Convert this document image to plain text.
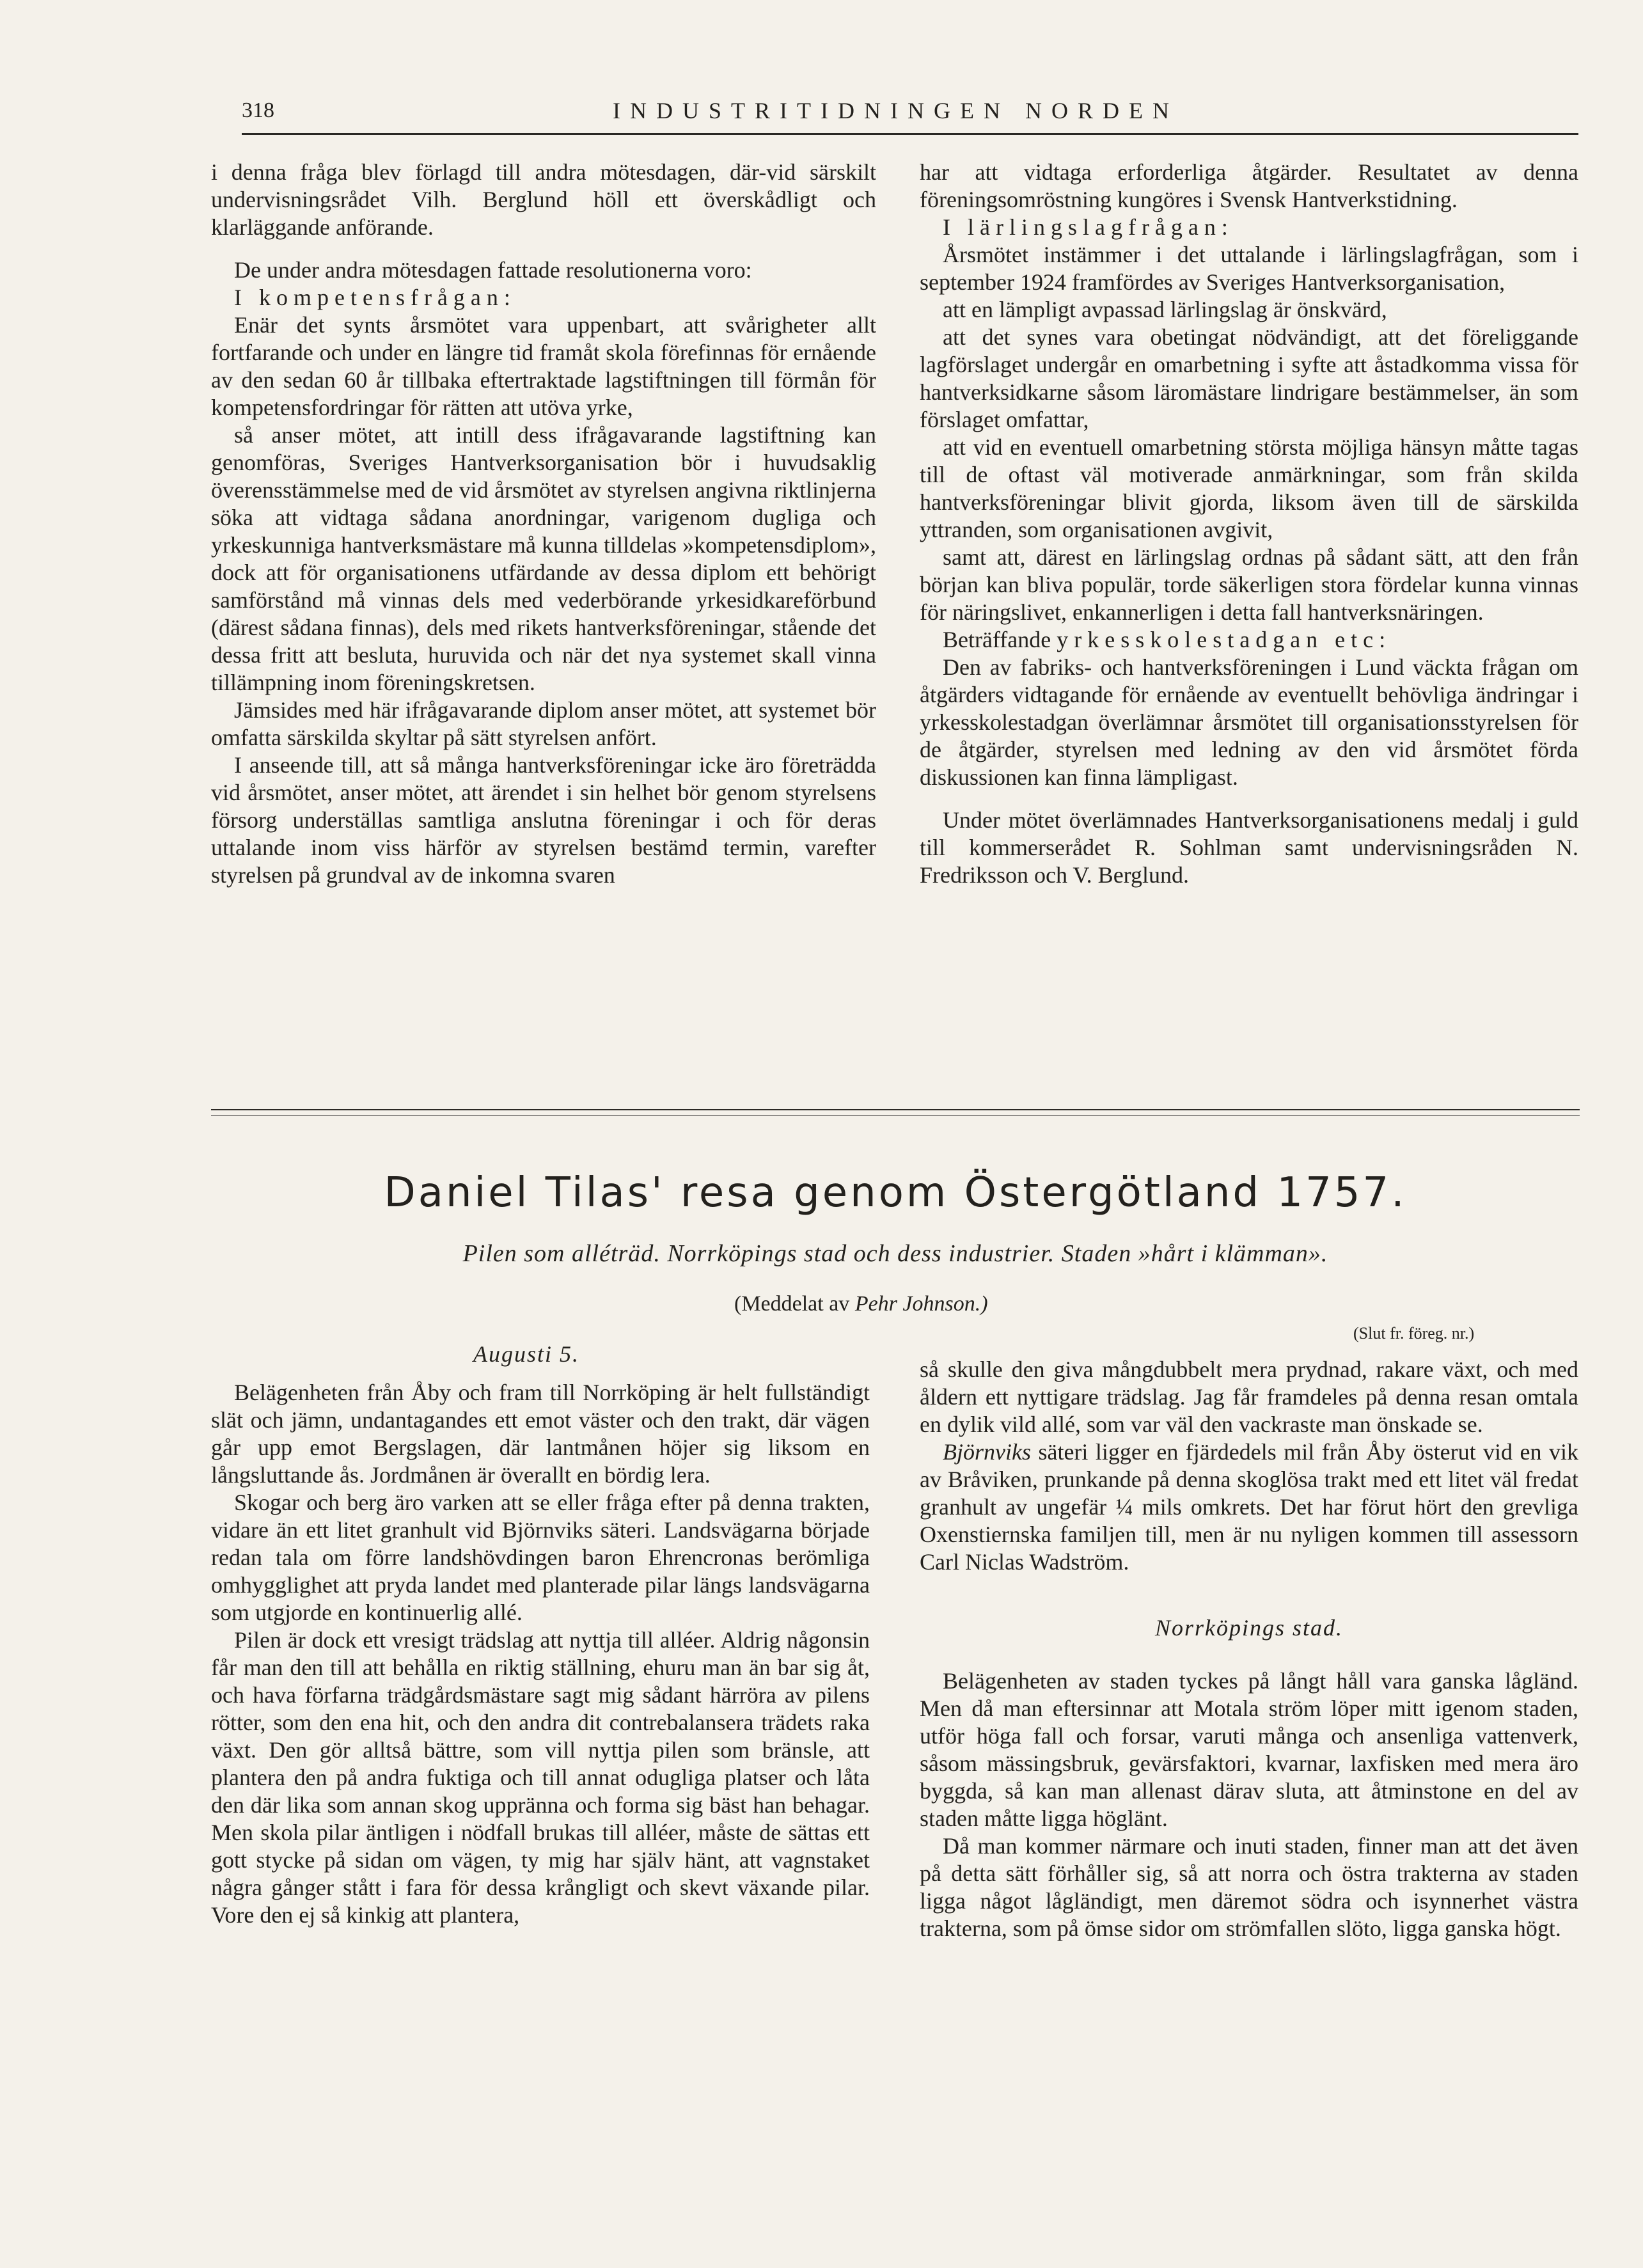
318	INDUSTRITIDNINGEN NORDEN

i denna fråga blev förlagd till andra mötesdagen, där-vid särskilt undervisningsrådet Vilh. Berglund höll ett överskådligt och klarläggande anförande.

De under andra mötesdagen fattade resolutionerna voro:

I kompetensfrågan:

Enär det synts årsmötet vara uppenbart, att svårigheter allt fortfarande och under en längre tid framåt skola förefinnas för ernående av den sedan 60 år tillbaka eftertraktade lagstiftningen till förmån för kompetensfordringar för rätten att utöva yrke,

så anser mötet, att intill dess ifrågavarande lagstiftning kan genomföras, Sveriges Hantverksorganisation bör i huvudsaklig överensstämmelse med de vid årsmötet av styrelsen angivna riktlinjerna söka att vidtaga sådana anordningar, varigenom dugliga och yrkeskunniga hantverksmästare må kunna tilldelas »kompetensdiplom», dock att för organisationens utfärdande av dessa diplom ett behörigt samförstånd må vinnas dels med vederbörande yrkesidkareförbund (därest sådana finnas), dels med rikets hantverksföreningar, stående det dessa fritt att besluta, huruvida och när det nya systemet skall vinna tillämpning inom föreningskretsen.

Jämsides med här ifrågavarande diplom anser mötet, att systemet bör omfatta särskilda skyltar på sätt styrelsen anfört.

I anseende till, att så många hantverksföreningar icke äro företrädda vid årsmötet, anser mötet, att ärendet i sin helhet bör genom styrelsens försorg underställas samtliga anslutna föreningar i och för deras uttalande inom viss härför av styrelsen bestämd termin, varefter styrelsen på grundval av de inkomna svaren

har att vidtaga erforderliga åtgärder. Resultatet av denna föreningsomröstning kungöres i Svensk Hantverkstidning.

I lärlingslagfrågan:

Årsmötet instämmer i det uttalande i lärlingslagfrågan, som i september 1924 framfördes av Sveriges Hantverksorganisation,

att en lämpligt avpassad lärlingslag är önskvärd,

att det synes vara obetingat nödvändigt, att det föreliggande lagförslaget undergår en omarbetning i syfte att åstadkomma vissa för hantverksidkarne såsom läromästare lindrigare bestämmelser, än som förslaget omfattar,

att vid en eventuell omarbetning största möjliga hänsyn måtte tagas till de oftast väl motiverade anmärkningar, som från skilda hantverksföreningar blivit gjorda, liksom även till de särskilda yttranden, som organisationen avgivit,

samt att, därest en lärlingslag ordnas på sådant sätt, att den från början kan bliva populär, torde säkerligen stora fördelar kunna vinnas för näringslivet, enkannerligen i detta fall hantverksnäringen.

Beträffande yrkesskolestadgan etc:

Den av fabriks- och hantverksföreningen i Lund väckta frågan om åtgärders vidtagande för ernående av eventuellt behövliga ändringar i yrkesskolestadgan överlämnar årsmötet till organisationsstyrelsen för de åtgärder, styrelsen med ledning av den vid årsmötet förda diskussionen kan finna lämpligast.

Under mötet överlämnades Hantverksorganisationens medalj i guld till kommerserådet R. Sohlman samt undervisningsråden N. Fredriksson och V. Berglund.

Daniel Tilas' resa genom Östergötland 1757.
Pilen som alléträd. Norrköpings stad och dess industrier. Staden »hårt i klämman».
(Meddelat av Pehr Johnson.)
(Slut fr. föreg. nr.)
Augusti 5.

Belägenheten från Åby och fram till Norrköping är helt fullständigt slät och jämn, undantagandes ett emot väster och den trakt, där vägen går upp emot Bergslagen, där lantmånen höjer sig liksom en långsluttande ås. Jordmånen är överallt en bördig lera.

Skogar och berg äro varken att se eller fråga efter på denna trakten, vidare än ett litet granhult vid Björnviks säteri. Landsvägarna började redan tala om förre landshövdingen baron Ehrencronas berömliga omhygglighet att pryda landet med planterade pilar längs landsvägarna som utgjorde en kontinuerlig allé.

Pilen är dock ett vresigt trädslag att nyttja till alléer. Aldrig någonsin får man den till att behålla en riktig ställning, ehuru man än bar sig åt, och hava förfarna trädgårdsmästare sagt mig sådant härröra av pilens rötter, som den ena hit, och den andra dit contrebalansera trädets raka växt. Den gör alltså bättre, som vill nyttja pilen som bränsle, att plantera den på andra fuktiga och till annat odugliga platser och låta den där lika som annan skog uppränna och forma sig bäst han behagar. Men skola pilar äntligen i nödfall brukas till alléer, måste de sättas ett gott stycke på sidan om vägen, ty mig har själv hänt, att vagnstaket några gånger stått i fara för dessa krångligt och skevt växande pilar. Vore den ej så kinkig att plantera,

så skulle den giva mångdubbelt mera prydnad, rakare växt, och med åldern ett nyttigare trädslag. Jag får framdeles på denna resan omtala en dylik vild allé, som var väl den vackraste man önskade se.

Björnviks säteri ligger en fjärdedels mil från Åby österut vid en vik av Bråviken, prunkande på denna skoglösa trakt med ett litet väl fredat granhult av ungefär ¼ mils omkrets. Det har förut hört den grevliga Oxenstiernska familjen till, men är nu nyligen kommen till assessorn Carl Niclas Wadström.

Norrköpings stad.

Belägenheten av staden tyckes på långt håll vara ganska lågländ. Men då man eftersinnar att Motala ström löper mitt igenom staden, utför höga fall och forsar, varuti många och ansenliga vattenverk, såsom mässingsbruk, gevärsfaktori, kvarnar, laxfisken med mera äro byggda, så kan man allenast därav sluta, att åtminstone en del av staden måtte ligga höglänt.

Då man kommer närmare och inuti staden, finner man att det även på detta sätt förhåller sig, så att norra och östra trakterna av staden ligga något lågländigt, men däremot södra och isynnerhet västra trakterna, som på ömse sidor om strömfallen slöto, ligga ganska högt.
